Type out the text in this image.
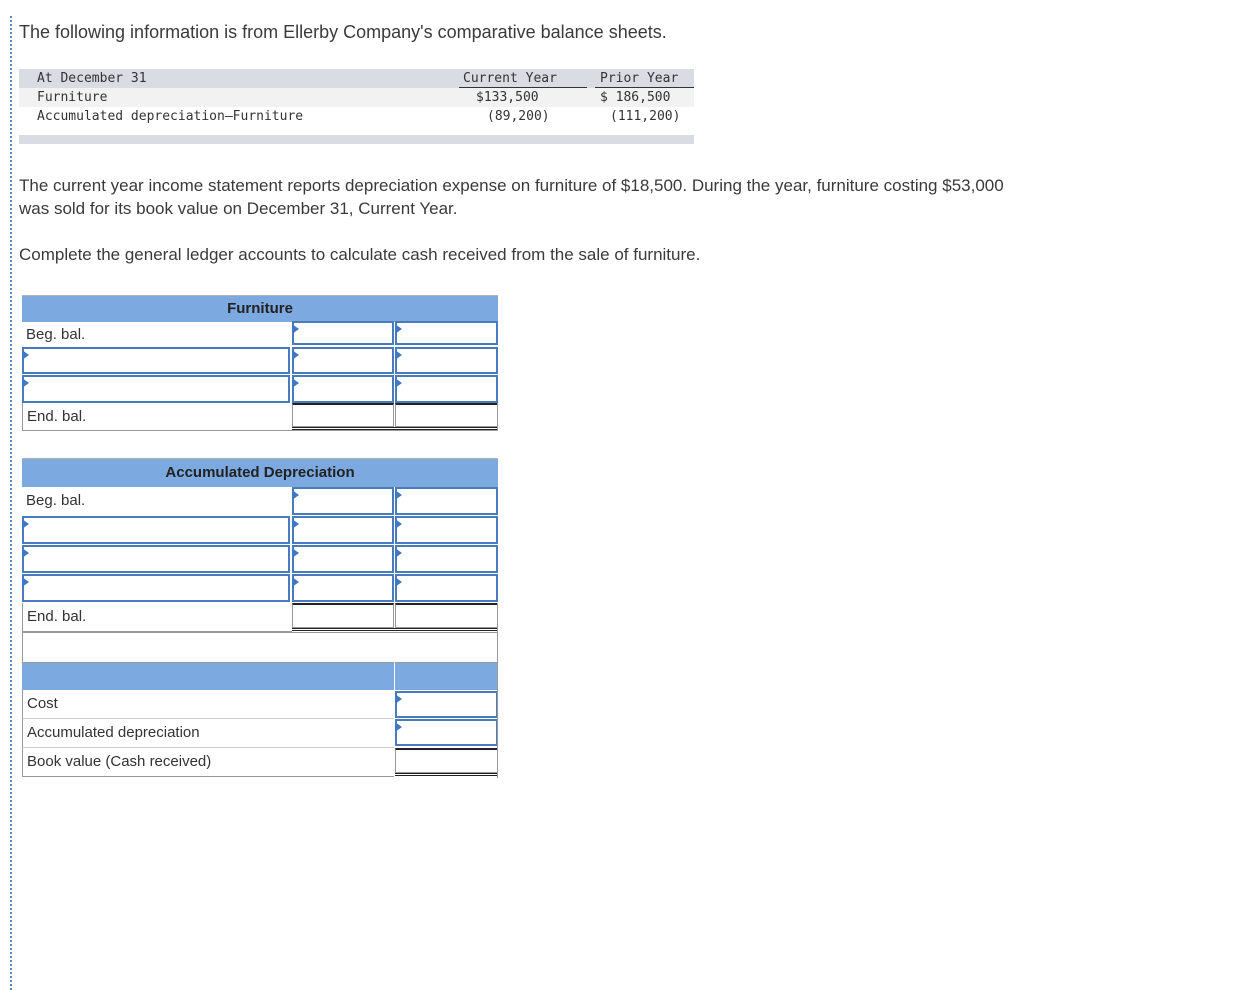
The following information is from Ellerby Company's comparative balance sheets.
At December 31	Current Year	Prior Year
Furniture	$133,500	$ 186,500
Accumulated depreciation—Furniture	(89,200)	(111,200)
The current year income statement reports depreciation expense on furniture of $18,500. During the year, furniture costing $53,000
was sold for its book value on December 31, Current Year.
Complete the general ledger accounts to calculate cash received from the sale of furniture.
Furniture
Beg. bal.
End. bal.
Accumulated Depreciation
Beg. bal.
End. bal.
Cost
Accumulated depreciation
Book value (Cash received)
